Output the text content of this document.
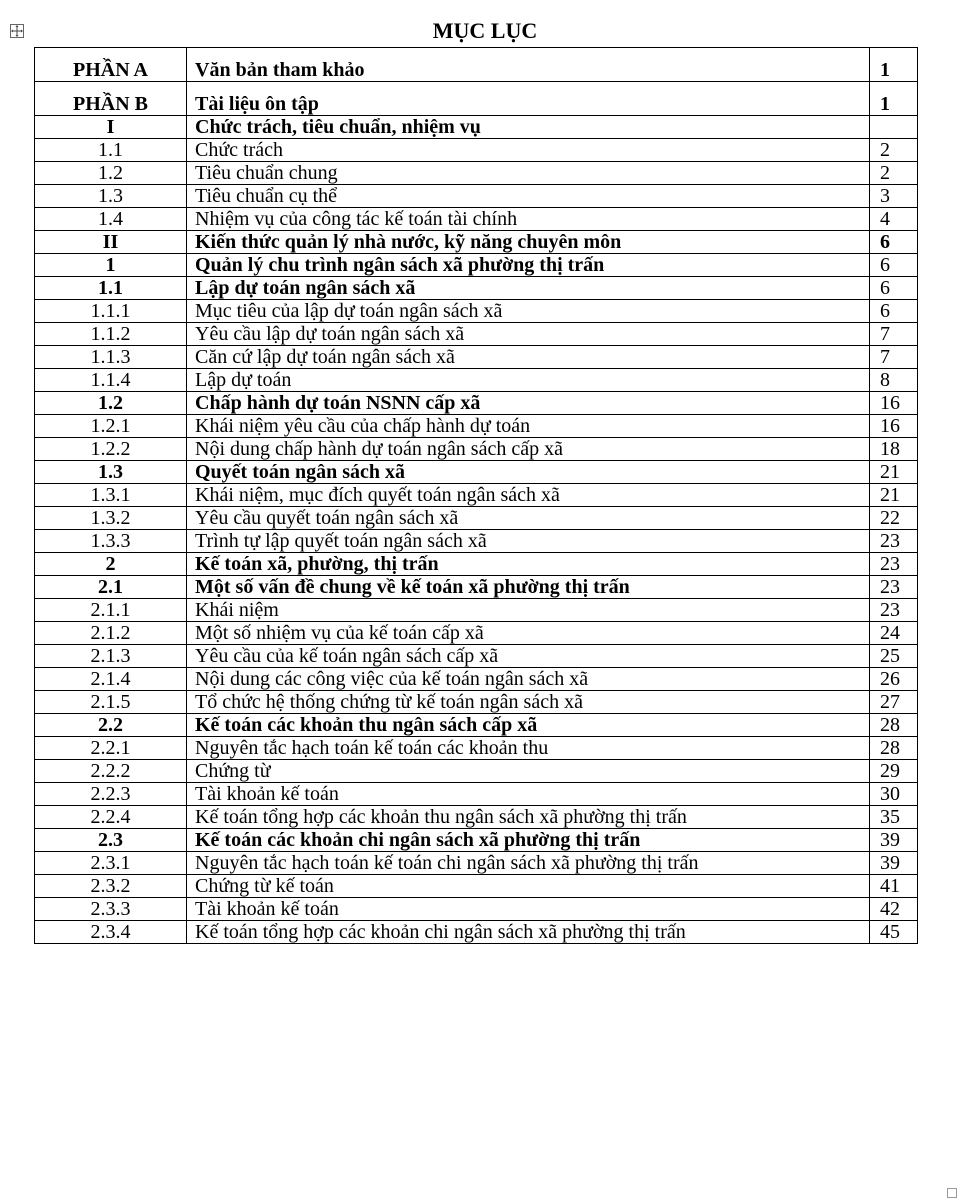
MỤC LỤC
PHẦN A	Văn bản tham khảo	1
PHẦN B	Tài liệu ôn tập	1
I	Chức trách, tiêu chuẩn, nhiệm vụ	
1.1	Chức trách	2
1.2	Tiêu chuẩn chung	2
1.3	Tiêu chuẩn cụ thể	3
1.4	Nhiệm vụ của công tác kế toán tài chính	4
II	Kiến thức quản lý nhà nước, kỹ năng chuyên môn	6
1	Quản lý chu trình ngân sách xã phường thị trấn	6
1.1	Lập dự toán ngân sách xã	6
1.1.1	Mục tiêu của lập dự toán ngân sách xã	6
1.1.2	Yêu cầu lập dự toán ngân sách xã	7
1.1.3	Căn cứ lập dự toán ngân sách xã	7
1.1.4	Lập dự toán	8
1.2	Chấp hành dự toán NSNN cấp xã	16
1.2.1	Khái niệm yêu cầu của chấp hành dự toán	16
1.2.2	Nội dung chấp hành dự toán ngân sách cấp xã	18
1.3	Quyết toán ngân sách xã	21
1.3.1	Khái niệm, mục đích quyết toán ngân sách xã	21
1.3.2	Yêu cầu quyết toán ngân sách xã	22
1.3.3	Trình tự lập quyết toán ngân sách xã	23
2	Kế toán xã, phường, thị trấn	23
2.1	Một số vấn đề chung về kế toán xã phường thị trấn	23
2.1.1	Khái niệm	23
2.1.2	Một số nhiệm vụ của kế toán cấp xã	24
2.1.3	Yêu cầu của kế toán ngân sách cấp xã	25
2.1.4	Nội dung các công việc của kế toán ngân sách xã	26
2.1.5	Tổ chức hệ thống chứng từ kế toán ngân sách xã	27
2.2	Kế toán các khoản thu ngân sách cấp xã	28
2.2.1	Nguyên tắc hạch toán kế toán các khoản thu	28
2.2.2	Chứng từ	29
2.2.3	Tài khoản kế toán	30
2.2.4	Kế toán tổng hợp các khoản thu ngân sách xã phường thị trấn	35
2.3	Kế toán các khoản chi ngân sách xã phường thị trấn	39
2.3.1	Nguyên tắc hạch toán kế toán chi ngân sách xã phường thị trấn	39
2.3.2	Chứng từ kế toán	41
2.3.3	Tài khoản kế toán	42
2.3.4	Kế toán tổng hợp các khoản chi ngân sách xã phường thị trấn	45
